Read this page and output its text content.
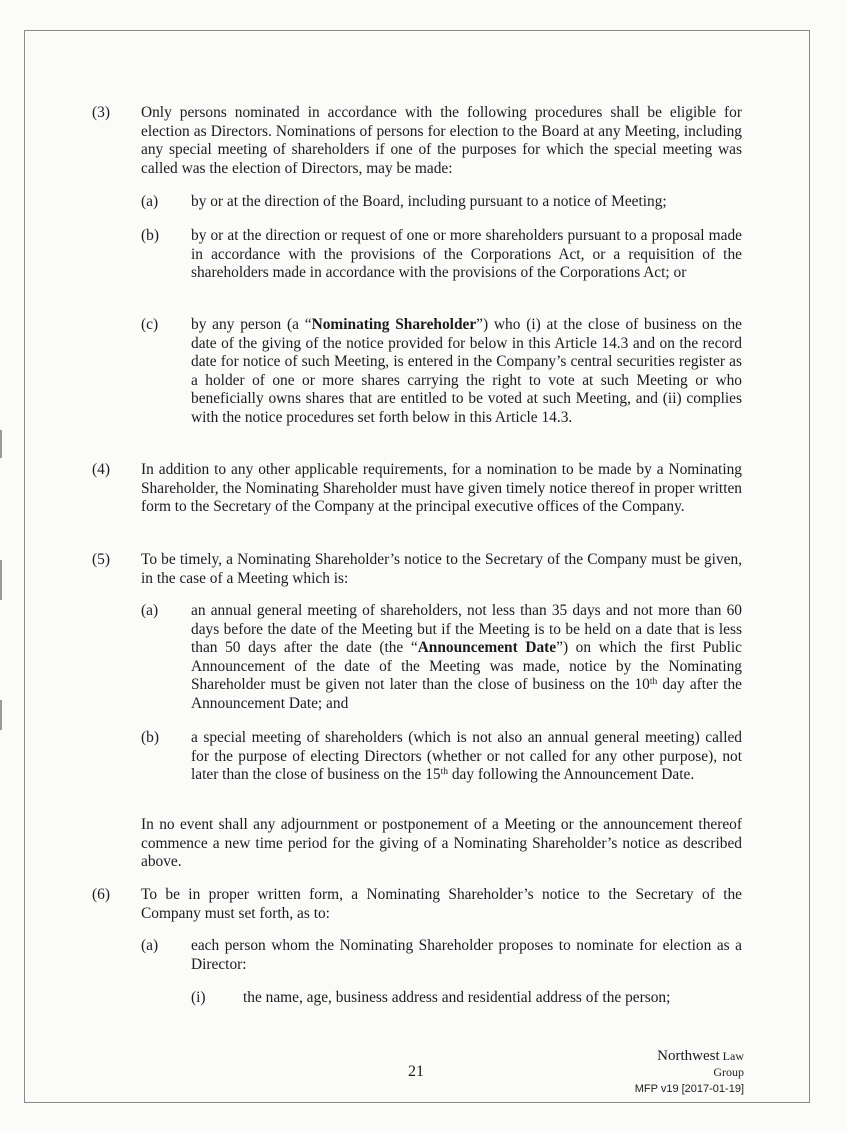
(3) Only persons nominated in accordance with the following procedures shall be eligible for election as Directors. Nominations of persons for election to the Board at any Meeting, including any special meeting of shareholders if one of the purposes for which the special meeting was called was the election of Directors, may be made:
(a) by or at the direction of the Board, including pursuant to a notice of Meeting;
(b) by or at the direction or request of one or more shareholders pursuant to a proposal made in accordance with the provisions of the Corporations Act, or a requisition of the shareholders made in accordance with the provisions of the Corporations Act; or
(c) by any person (a “Nominating Shareholder”) who (i) at the close of business on the date of the giving of the notice provided for below in this Article 14.3 and on the record date for notice of such Meeting, is entered in the Company’s central securities register as a holder of one or more shares carrying the right to vote at such Meeting or who beneficially owns shares that are entitled to be voted at such Meeting, and (ii) complies with the notice procedures set forth below in this Article 14.3.
(4) In addition to any other applicable requirements, for a nomination to be made by a Nominating Shareholder, the Nominating Shareholder must have given timely notice thereof in proper written form to the Secretary of the Company at the principal executive offices of the Company.
(5) To be timely, a Nominating Shareholder’s notice to the Secretary of the Company must be given, in the case of a Meeting which is:
(a) an annual general meeting of shareholders, not less than 35 days and not more than 60 days before the date of the Meeting but if the Meeting is to be held on a date that is less than 50 days after the date (the “Announcement Date”) on which the first Public Announcement of the date of the Meeting was made, notice by the Nominating Shareholder must be given not later than the close of business on the 10th day after the Announcement Date; and
(b) a special meeting of shareholders (which is not also an annual general meeting) called for the purpose of electing Directors (whether or not called for any other purpose), not later than the close of business on the 15th day following the Announcement Date.
In no event shall any adjournment or postponement of a Meeting or the announcement thereof commence a new time period for the giving of a Nominating Shareholder’s notice as described above.
(6) To be in proper written form, a Nominating Shareholder’s notice to the Secretary of the Company must set forth, as to:
(a) each person whom the Nominating Shareholder proposes to nominate for election as a Director:
(i) the name, age, business address and residential address of the person;
21
Northwest Law Group
MFP v19 [2017-01-19]
